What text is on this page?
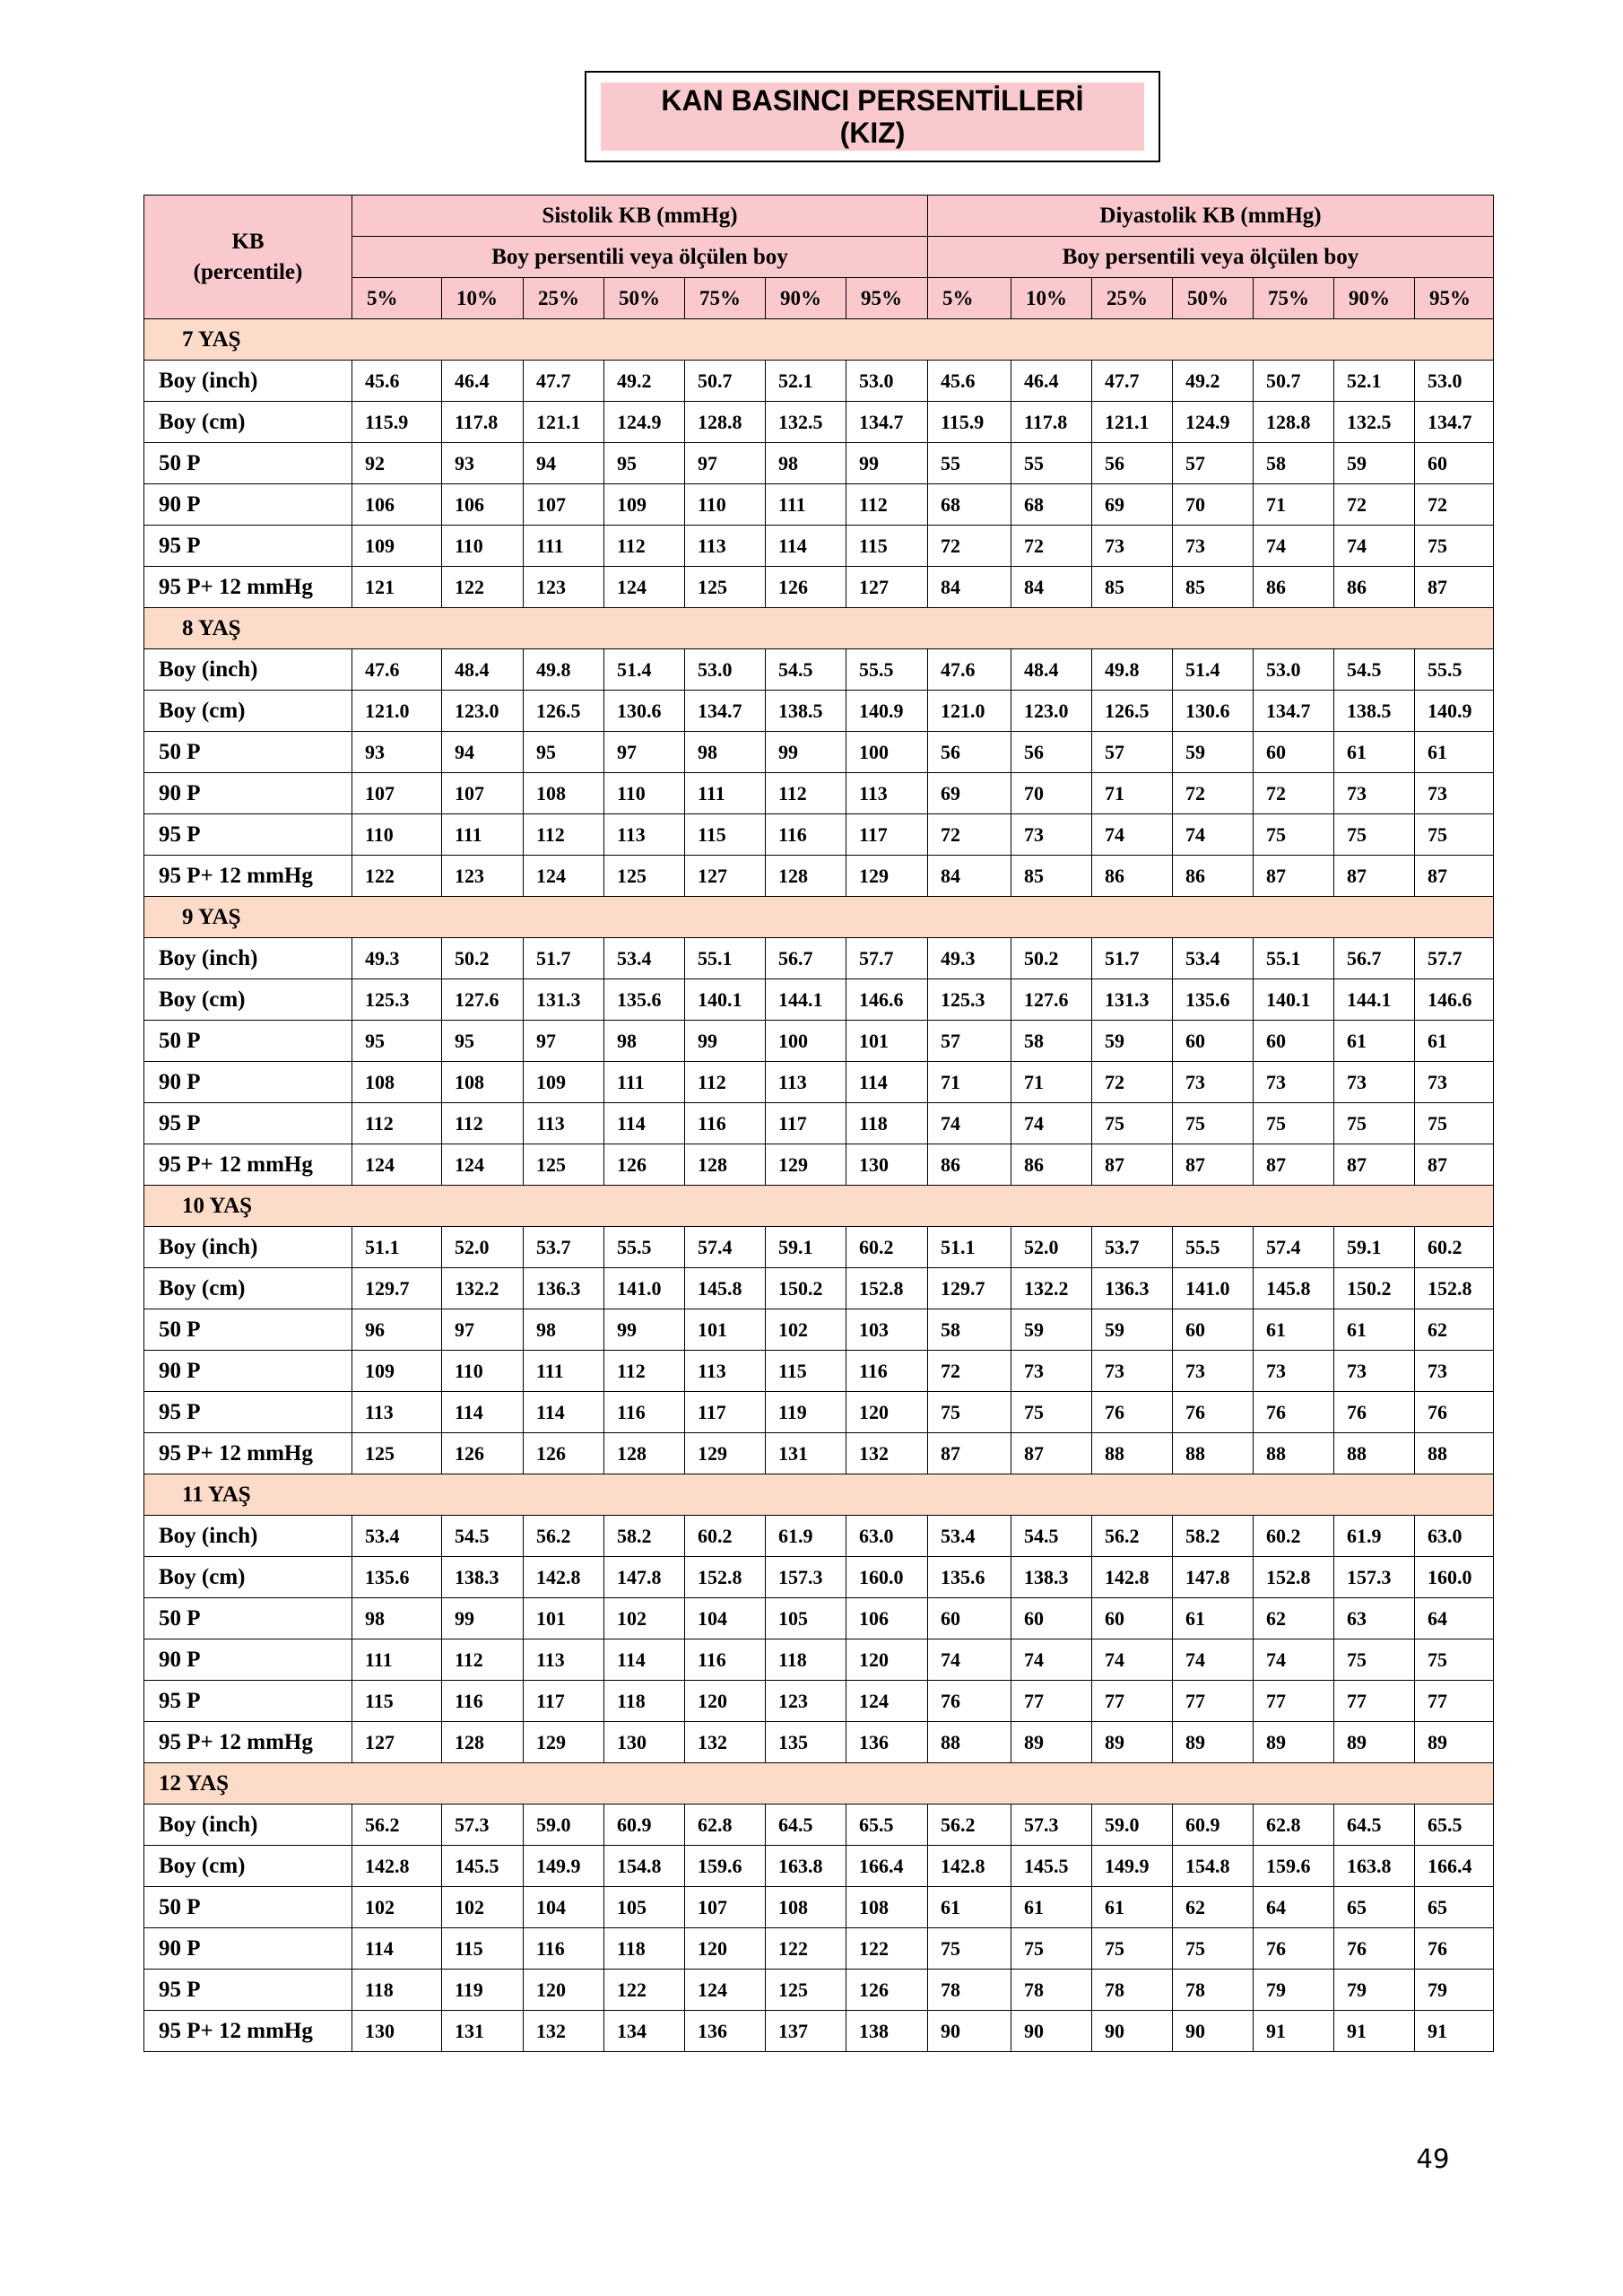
KAN BASINCI PERSENTİLLERİ
(KIZ)
KB
(percentile)	Sistolik KB (mmHg)							Diyastolik KB (mmHg)						
	Boy persentili veya ölçülen boy							Boy persentili veya ölçülen boy						
	5%	10%	25%	50%	75%	90%	95%	5%	10%	25%	50%	75%	90%	95%
7 YAŞ														
Boy (inch)	45.6	46.4	47.7	49.2	50.7	52.1	53.0	45.6	46.4	47.7	49.2	50.7	52.1	53.0
Boy (cm)	115.9	117.8	121.1	124.9	128.8	132.5	134.7	115.9	117.8	121.1	124.9	128.8	132.5	134.7
50 P	92	93	94	95	97	98	99	55	55	56	57	58	59	60
90 P	106	106	107	109	110	111	112	68	68	69	70	71	72	72
95 P	109	110	111	112	113	114	115	72	72	73	73	74	74	75
95 P+ 12 mmHg	121	122	123	124	125	126	127	84	84	85	85	86	86	87
8 YAŞ														
Boy (inch)	47.6	48.4	49.8	51.4	53.0	54.5	55.5	47.6	48.4	49.8	51.4	53.0	54.5	55.5
Boy (cm)	121.0	123.0	126.5	130.6	134.7	138.5	140.9	121.0	123.0	126.5	130.6	134.7	138.5	140.9
50 P	93	94	95	97	98	99	100	56	56	57	59	60	61	61
90 P	107	107	108	110	111	112	113	69	70	71	72	72	73	73
95 P	110	111	112	113	115	116	117	72	73	74	74	75	75	75
95 P+ 12 mmHg	122	123	124	125	127	128	129	84	85	86	86	87	87	87
9 YAŞ														
Boy (inch)	49.3	50.2	51.7	53.4	55.1	56.7	57.7	49.3	50.2	51.7	53.4	55.1	56.7	57.7
Boy (cm)	125.3	127.6	131.3	135.6	140.1	144.1	146.6	125.3	127.6	131.3	135.6	140.1	144.1	146.6
50 P	95	95	97	98	99	100	101	57	58	59	60	60	61	61
90 P	108	108	109	111	112	113	114	71	71	72	73	73	73	73
95 P	112	112	113	114	116	117	118	74	74	75	75	75	75	75
95 P+ 12 mmHg	124	124	125	126	128	129	130	86	86	87	87	87	87	87
10 YAŞ														
Boy (inch)	51.1	52.0	53.7	55.5	57.4	59.1	60.2	51.1	52.0	53.7	55.5	57.4	59.1	60.2
Boy (cm)	129.7	132.2	136.3	141.0	145.8	150.2	152.8	129.7	132.2	136.3	141.0	145.8	150.2	152.8
50 P	96	97	98	99	101	102	103	58	59	59	60	61	61	62
90 P	109	110	111	112	113	115	116	72	73	73	73	73	73	73
95 P	113	114	114	116	117	119	120	75	75	76	76	76	76	76
95 P+ 12 mmHg	125	126	126	128	129	131	132	87	87	88	88	88	88	88
11 YAŞ														
Boy (inch)	53.4	54.5	56.2	58.2	60.2	61.9	63.0	53.4	54.5	56.2	58.2	60.2	61.9	63.0
Boy (cm)	135.6	138.3	142.8	147.8	152.8	157.3	160.0	135.6	138.3	142.8	147.8	152.8	157.3	160.0
50 P	98	99	101	102	104	105	106	60	60	60	61	62	63	64
90 P	111	112	113	114	116	118	120	74	74	74	74	74	75	75
95 P	115	116	117	118	120	123	124	76	77	77	77	77	77	77
95 P+ 12 mmHg	127	128	129	130	132	135	136	88	89	89	89	89	89	89
12 YAŞ														
Boy (inch)	56.2	57.3	59.0	60.9	62.8	64.5	65.5	56.2	57.3	59.0	60.9	62.8	64.5	65.5
Boy (cm)	142.8	145.5	149.9	154.8	159.6	163.8	166.4	142.8	145.5	149.9	154.8	159.6	163.8	166.4
50 P	102	102	104	105	107	108	108	61	61	61	62	64	65	65
90 P	114	115	116	118	120	122	122	75	75	75	75	76	76	76
95 P	118	119	120	122	124	125	126	78	78	78	78	79	79	79
95 P+ 12 mmHg	130	131	132	134	136	137	138	90	90	90	90	91	91	91
49
